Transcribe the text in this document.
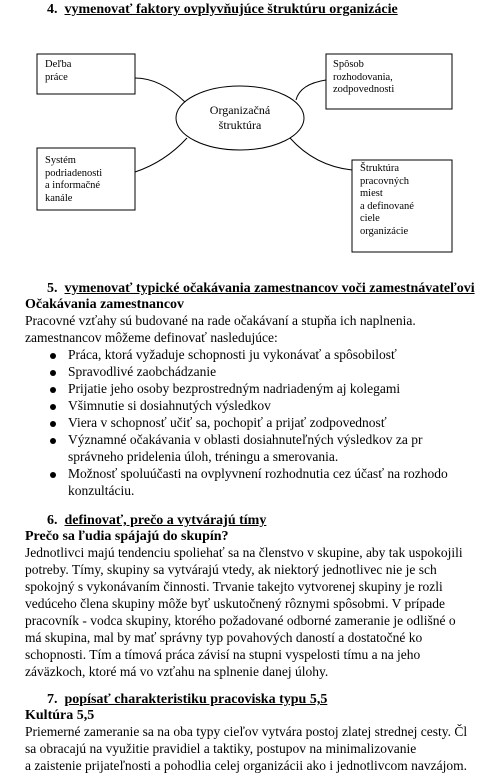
4. vymenovať faktory ovplyvňujúce štruktúru organizácie
Organizačná
štruktúra
Deľba
práce
Spôsob
rozhodovania,
zodpovednosti
Systém
podriadenosti
a informačné
kanále
Štruktúra
pracovných
miest
a definované
ciele
organizácie
5. vymenovať typické očakávania zamestnancov voči zamestnávateľovi
Očakávania zamestnancov
Pracovné vzťahy sú budované na rade očakávaní a stupňa ich naplnenia.
zamestnancov môžeme definovať nasledujúce:
Práca, ktorá vyžaduje schopnosti ju vykonávať a spôsobilosť
Spravodlivé zaobchádzanie
Prijatie jeho osoby bezprostredným nadriadeným aj kolegami
Všimnutie si dosiahnutých výsledkov
Viera v schopnosť učiť sa, pochopiť a prijať zodpovednosť
Významné očakávania v oblasti dosiahnuteľných výsledkov za pr
správneho pridelenia úloh, tréningu a smerovania.
Možnosť spoluúčasti na ovplyvnení rozhodnutia cez účasť na rozhodo
konzultáciu.
6. definovať, prečo a vytvárajú tímy
Prečo sa ľudia spájajú do skupín?
Jednotlivci majú tendenciu spoliehať sa na členstvo v skupine, aby tak uspokojili
potreby. Tímy, skupiny sa vytvárajú vtedy, ak niektorý jednotlivec nie je sch
spokojný s vykonávaním činnosti. Trvanie takejto vytvorenej skupiny je rozli
vedúceho člena skupiny môže byť uskutočnený rôznymi spôsobmi. V prípade
pracovník - vodca skupiny, ktorého požadované odborné zameranie je odlišné o
má skupina, mal by mať správny typ povahových daností a dostatočné ko
schopnosti. Tím a tímová práca závisí na stupni vyspelosti tímu a na jeho
záväzkoch, ktoré má vo vzťahu na splnenie danej úlohy.
7. popísať charakteristiku pracoviska typu 5,5
Kultúra 5,5
Priemerné zameranie sa na oba typy cieľov vytvára postoj zlatej strednej cesty. Čl
sa obracajú na využitie pravidiel a taktiky, postupov na minimalizovanie
a zaistenie prijateľnosti a pohodlia celej organizácii ako i jednotlivcom navzájom.
